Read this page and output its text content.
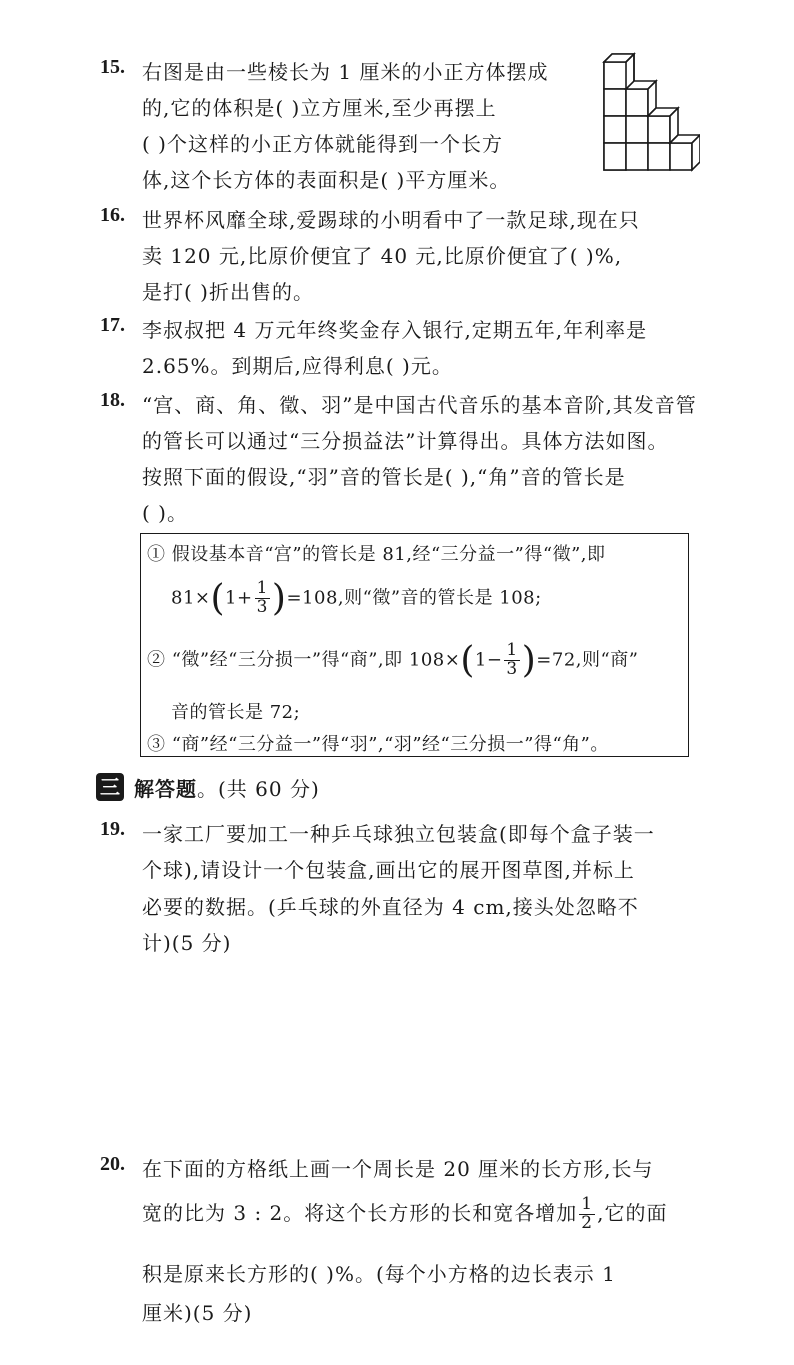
15. 右图是由一些棱长为 1 厘米的小正方体摆成
的,它的体积是( )立方厘米,至少再摆上
( )个这样的小正方体就能得到一个长方
体,这个长方体的表面积是( )平方厘米。
16. 世界杯风靡全球,爱踢球的小明看中了一款足球,现在只
卖 120 元,比原价便宜了 40 元,比原价便宜了( )%,
是打( )折出售的。
17. 李叔叔把 4 万元年终奖金存入银行,定期五年,年利率是
2.65%。到期后,应得利息( )元。
18. “宫、商、角、徵、羽”是中国古代音乐的基本音阶,其发音管
的管长可以通过“三分损益法”计算得出。具体方法如图。
按照下面的假设,“羽”音的管长是( ),“角”音的管长是
( )。
① 假设基本音“宫”的管长是 81,经“三分益一”得“徵”,即
$81\times(1+ \frac{1}{3} )=108$,则“徵”音的管长是 108;
② “徵”经“三分损一”得“商”,即 $108\times(1- \frac{1}{3} )=72$,则“商”
音的管长是 72;
③ “商”经“三分益一”得“羽”,“羽”经“三分损一”得“角”。
三 解答题。(共 60 分)
19. 一家工厂要加工一种乒乓球独立包装盒(即每个盒子装一
个球),请设计一个包装盒,画出它的展开图草图,并标上
必要的数据。(乒乓球的外直径为 4 cm,接头处忽略不
计)(5 分)
20. 在下面的方格纸上画一个周长是 20 厘米的长方形,长与
宽的比为 3 : 2。将这个长方形的长和宽各增加 $\frac{1}{2}$ ,它的面
积是原来长方形的( )%。(每个小方格的边长表示 1
厘米)(5 分)
